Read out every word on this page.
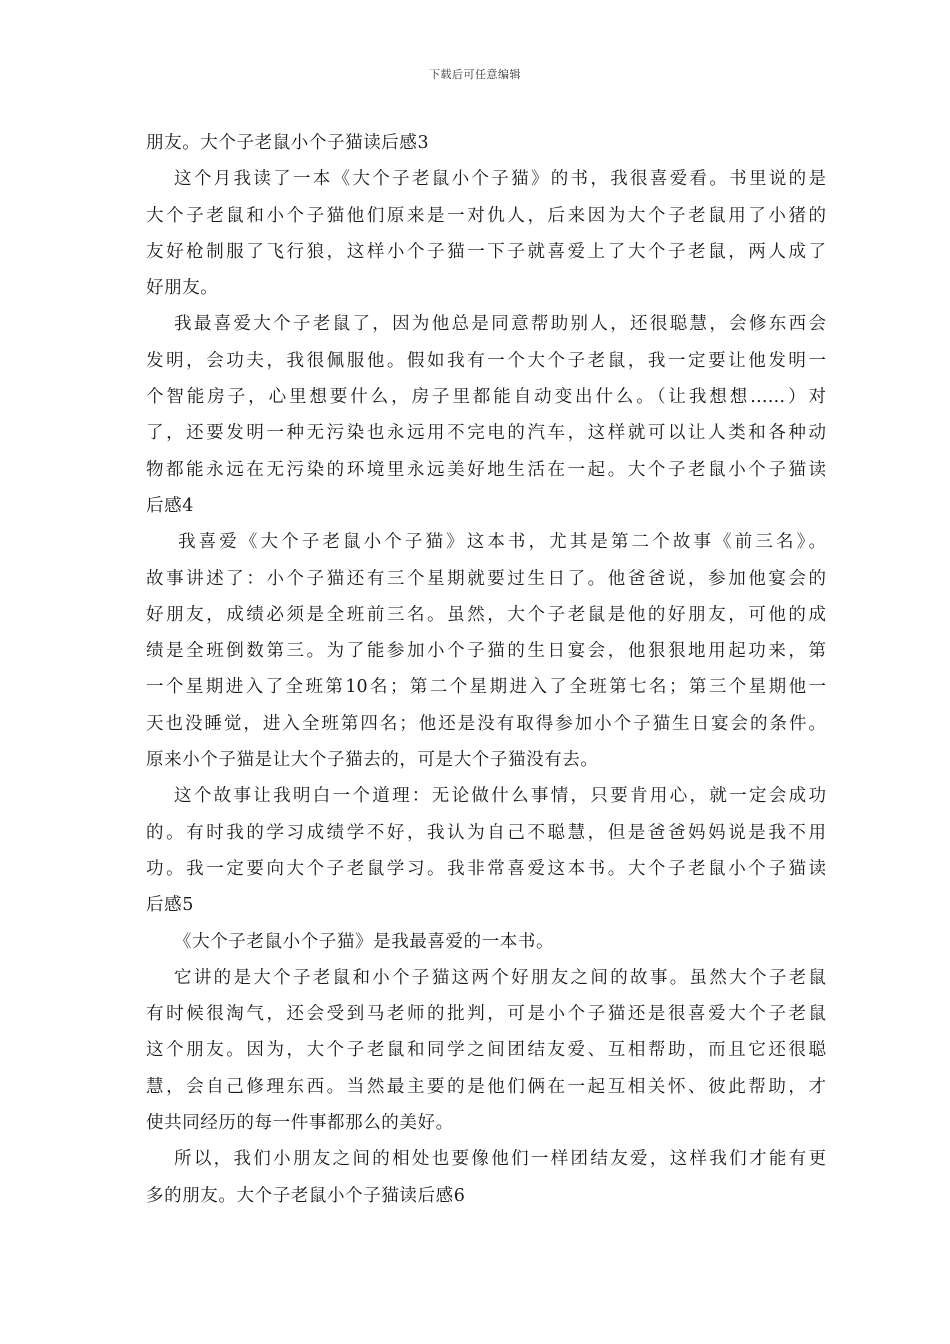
下载后可任意编辑
朋友。大个子老鼠小个子猫读后感3
这个月我读了一本《大个子老鼠小个子猫》的书，我很喜爱看。书里说的是
大个子老鼠和小个子猫他们原来是一对仇人，后来因为大个子老鼠用了小猪的
友好枪制服了飞行狼，这样小个子猫一下子就喜爱上了大个子老鼠，两人成了
好朋友。
我最喜爱大个子老鼠了，因为他总是同意帮助别人，还很聪慧，会修东西会
发明，会功夫，我很佩服他。假如我有一个大个子老鼠，我一定要让他发明一
个智能房子，心里想要什么，房子里都能自动变出什么。（让我想想……）对
了，还要发明一种无污染也永远用不完电的汽车，这样就可以让人类和各种动
物都能永远在无污染的环境里永远美好地生活在一起。大个子老鼠小个子猫读
后感4
我喜爱《大个子老鼠小个子猫》这本书，尤其是第二个故事《前三名》。
故事讲述了：小个子猫还有三个星期就要过生日了。他爸爸说，参加他宴会的
好朋友，成绩必须是全班前三名。虽然，大个子老鼠是他的好朋友，可他的成
绩是全班倒数第三。为了能参加小个子猫的生日宴会，他狠狠地用起功来，第
一个星期进入了全班第10名；第二个星期进入了全班第七名；第三个星期他一
天也没睡觉，进入全班第四名；他还是没有取得参加小个子猫生日宴会的条件。
原来小个子猫是让大个子猫去的，可是大个子猫没有去。
这个故事让我明白一个道理：无论做什么事情，只要肯用心，就一定会成功
的。有时我的学习成绩学不好，我认为自己不聪慧，但是爸爸妈妈说是我不用
功。我一定要向大个子老鼠学习。我非常喜爱这本书。大个子老鼠小个子猫读
后感5
《大个子老鼠小个子猫》是我最喜爱的一本书。
它讲的是大个子老鼠和小个子猫这两个好朋友之间的故事。虽然大个子老鼠
有时候很淘气，还会受到马老师的批判，可是小个子猫还是很喜爱大个子老鼠
这个朋友。因为，大个子老鼠和同学之间团结友爱、互相帮助，而且它还很聪
慧，会自己修理东西。当然最主要的是他们俩在一起互相关怀、彼此帮助，才
使共同经历的每一件事都那么的美好。
所以，我们小朋友之间的相处也要像他们一样团结友爱，这样我们才能有更
多的朋友。大个子老鼠小个子猫读后感6
